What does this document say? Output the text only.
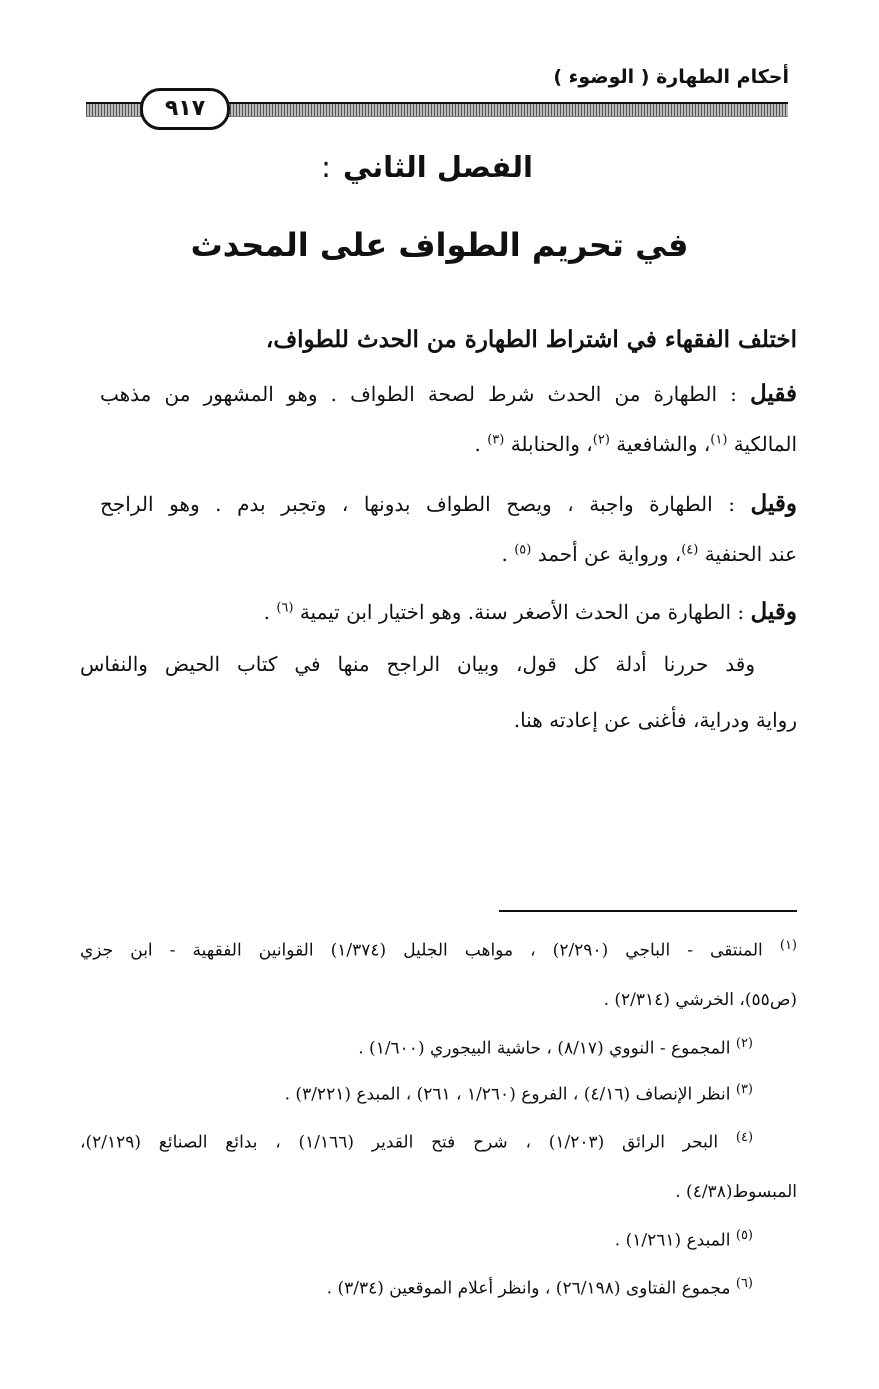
أحكام الطهارة ( الوضوء )
٩١٧
الفصل الثاني:
في تحريم الطواف على المحدث
اختلف الفقهاء في اشتراط الطهارة من الحدث للطواف،
فقيل : الطهارة من الحدث شرط لصحة الطواف . وهو المشهور من مذهب
المالكية $^{(١)}$، والشافعية $^{(٢)}$، والحنابلة $^{(٣)}$ .
وقيل : الطهارة واجبة ، ويصح الطواف بدونها ، وتجبر بدم . وهو الراجح
عند الحنفية $^{(٤)}$، ورواية عن أحمد $^{(٥)}$ .
وقيل : الطهارة من الحدث الأصغر سنة. وهو اختيار ابن تيمية $^{(٦)}$ .
وقد حررنا أدلة كل قول، وبيان الراجح منها في كتاب الحيض والنفاس
رواية ودراية، فأغنى عن إعادته هنا.
$^{(١)}$ المنتقى - الباجي (٢/٢٩٠) ، مواهب الجليل (١/٣٧٤) القوانين الفقهية - ابن جزي
(ص٥٥)، الخرشي (٢/٣١٤) .
$^{(٢)}$ المجموع - النووي (٨/١٧) ، حاشية البيجوري (١/٦٠٠) .
$^{(٣)}$ انظر الإنصاف (٤/١٦) ، الفروع (١/٢٦٠ ، ٢٦١) ، المبدع (٣/٢٢١) .
$^{(٤)}$ البحر الرائق (١/٢٠٣) ، شرح فتح القدير (١/١٦٦) ، بدائع الصنائع (٢/١٢٩)،
المبسوط(٤/٣٨) .
$^{(٥)}$ المبدع (١/٢٦١) .
$^{(٦)}$ مجموع الفتاوى (٢٦/١٩٨) ، وانظر أعلام الموقعين (٣/٣٤) .
